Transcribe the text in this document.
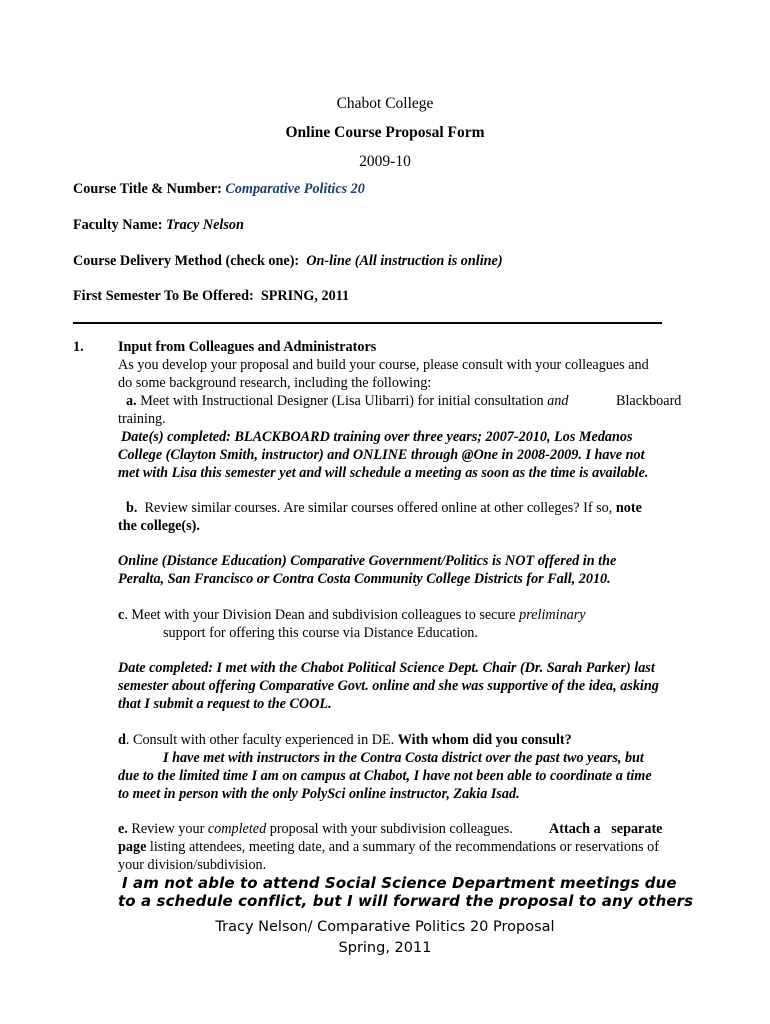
Chabot College
Online Course Proposal Form
2009-10
Course Title & Number: Comparative Politics 20
Faculty Name: Tracy Nelson
Course Delivery Method (check one): On-line (All instruction is online)
First Semester To Be Offered: SPRING, 2011
1. Input from Colleagues and Administrators
As you develop your proposal and build your course, please consult with your colleagues and
do some background research, including the following:
a. Meet with Instructional Designer (Lisa Ulibarri) for initial consultation and	Blackboard
training.
Date(s) completed: BLACKBOARD training over three years; 2007-2010, Los Medanos
College (Clayton Smith, instructor) and ONLINE through @One in 2008-2009. I have not
met with Lisa this semester yet and will schedule a meeting as soon as the time is available.
b. Review similar courses. Are similar courses offered online at other colleges? If so, note
the college(s).
Online (Distance Education) Comparative Government/Politics is NOT offered in the
Peralta, San Francisco or Contra Costa Community College Districts for Fall, 2010.
c. Meet with your Division Dean and subdivision colleagues to secure preliminary
support for offering this course via Distance Education.
Date completed: I met with the Chabot Political Science Dept. Chair (Dr. Sarah Parker) last
semester about offering Comparative Govt. online and she was supportive of the idea, asking
that I submit a request to the COOL.
d. Consult with other faculty experienced in DE. With whom did you consult?
I have met with instructors in the Contra Costa district over the past two years, but
due to the limited time I am on campus at Chabot, I have not been able to coordinate a time
to meet in person with the only PolySci online instructor, Zakia Isad.
e. Review your completed proposal with your subdivision colleagues.	Attach a   separate
page listing attendees, meeting date, and a summary of the recommendations or reservations of
your division/subdivision.
I am not able to attend Social Science Department meetings due
to a schedule conflict, but I will forward the proposal to any others
Tracy Nelson/ Comparative Politics 20 Proposal
Spring, 2011
